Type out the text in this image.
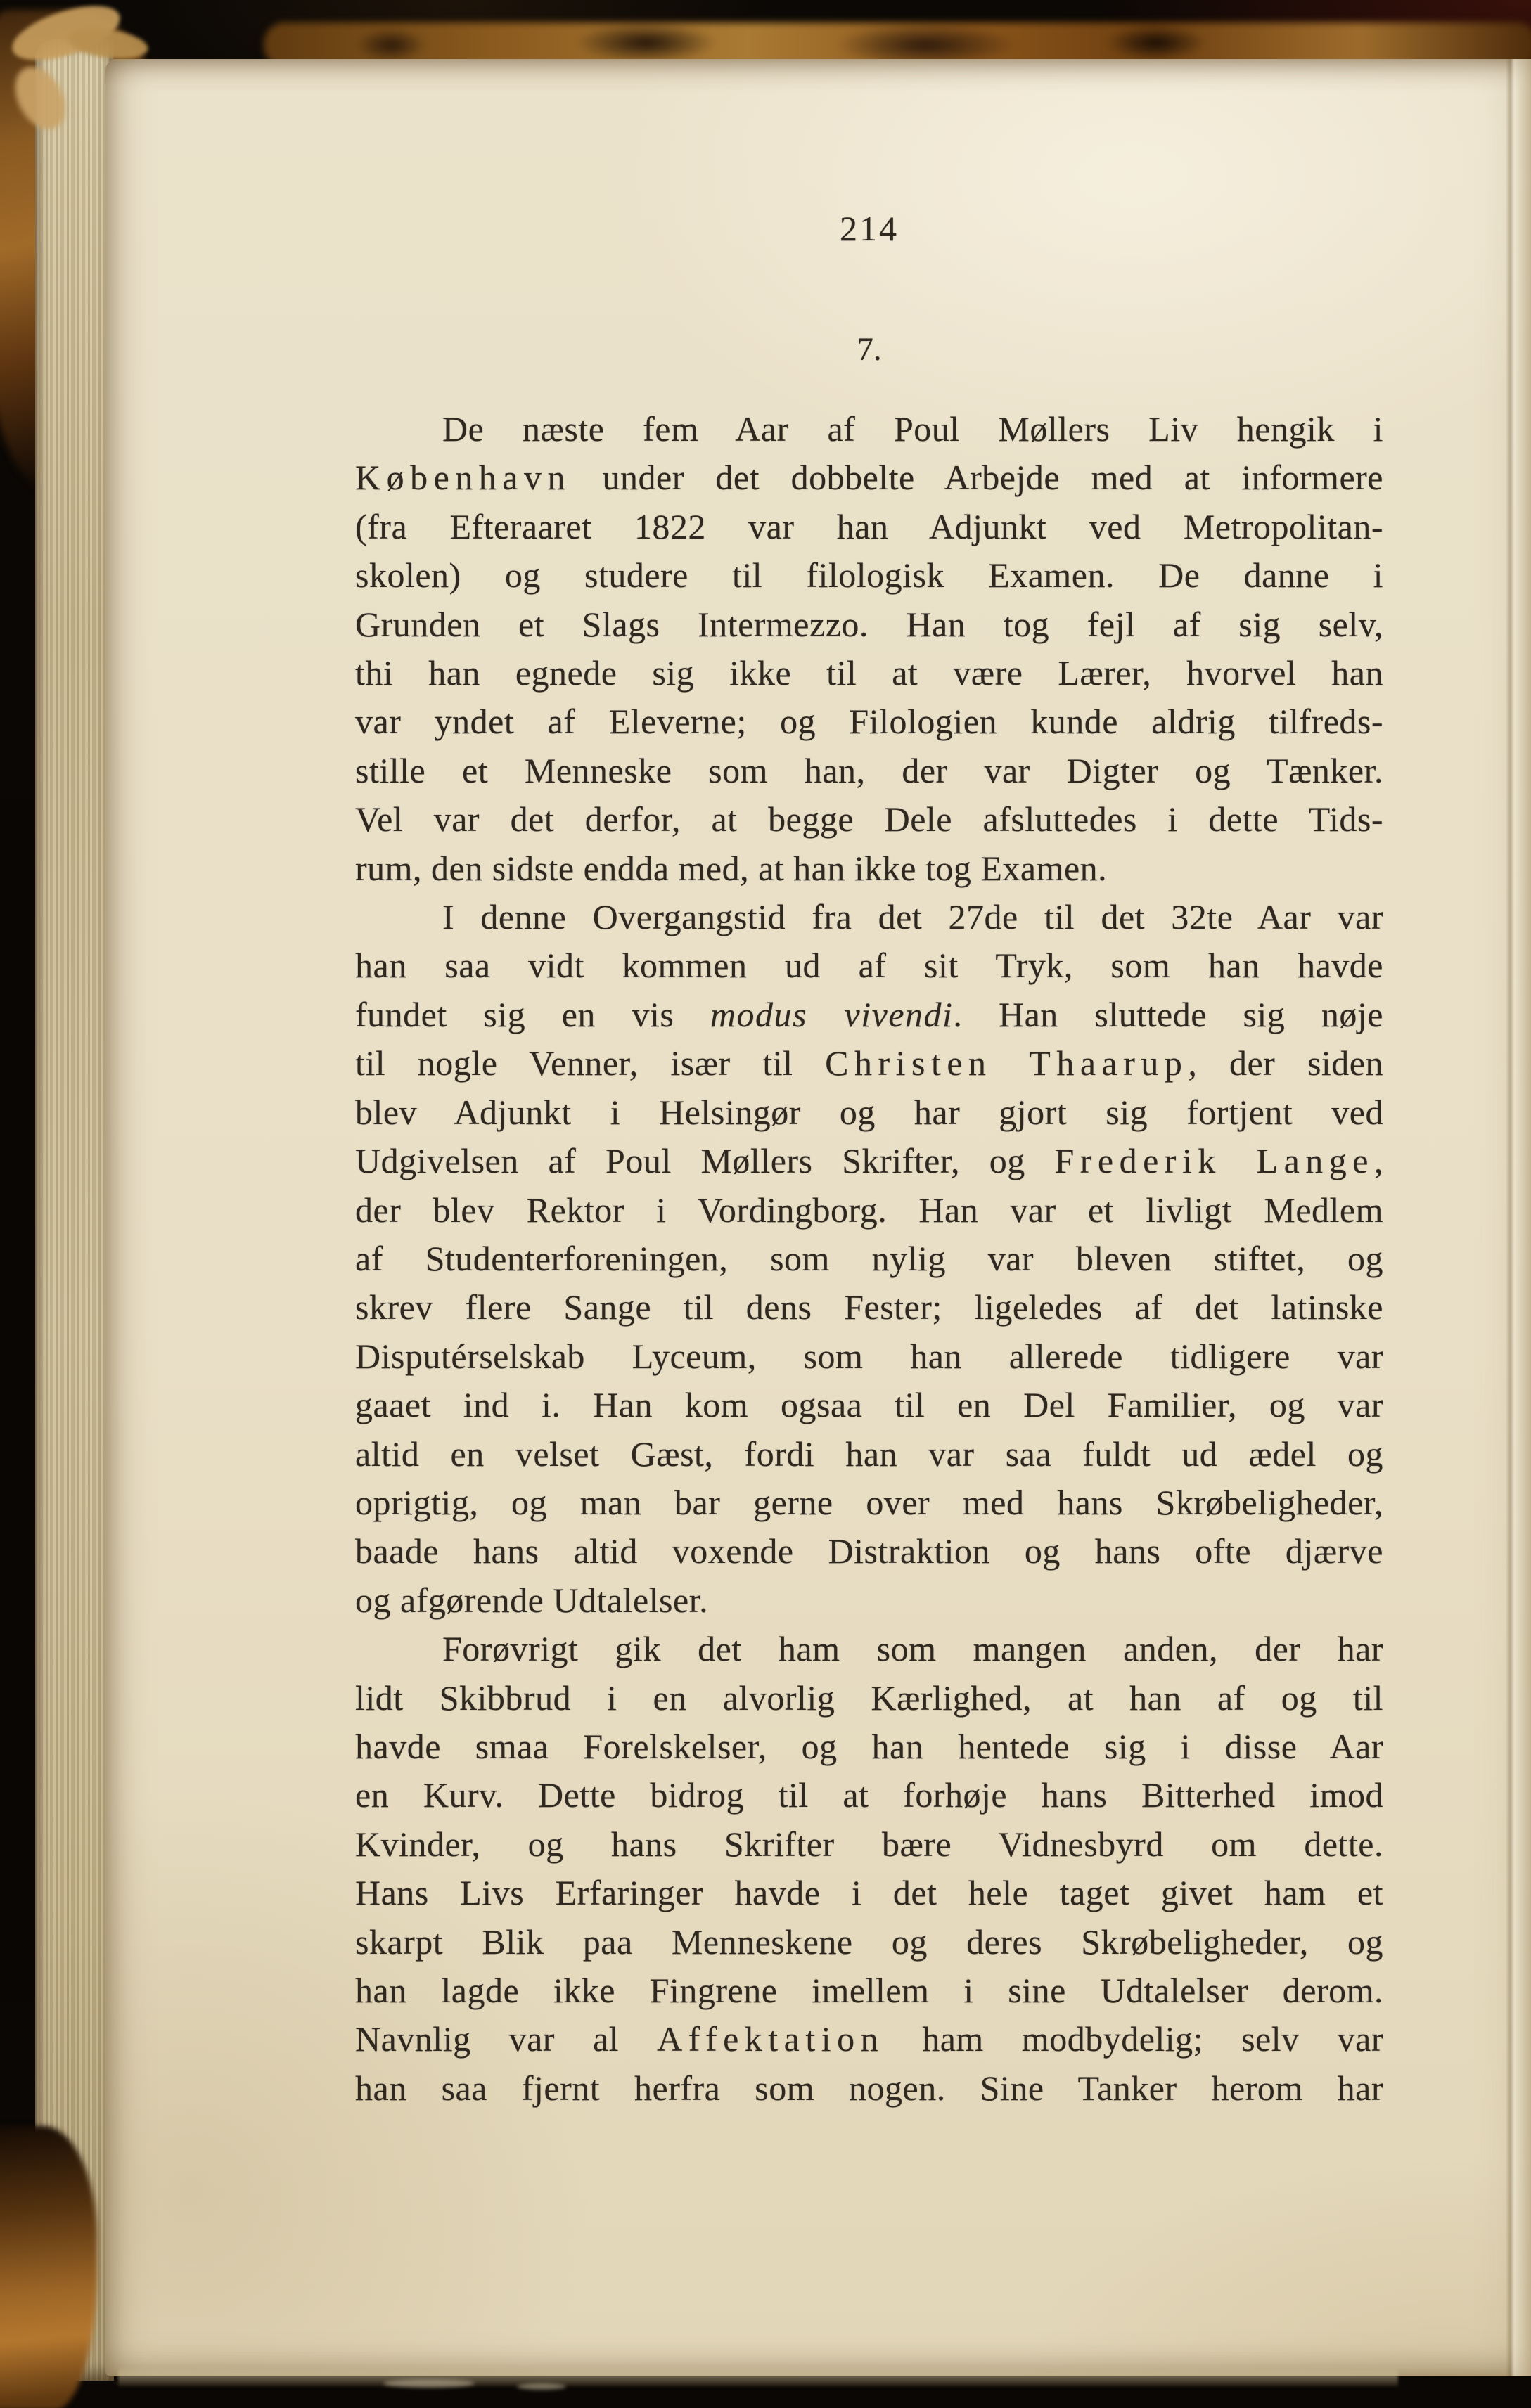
214
7.
De næste fem Aar af Poul Møllers Liv hengik i
København under det dobbelte Arbejde med at informere
(fra Efteraaret 1822 var han Adjunkt ved Metropolitan-
skolen) og studere til filologisk Examen. De danne i
Grunden et Slags Intermezzo. Han tog fejl af sig selv,
thi han egnede sig ikke til at være Lærer, hvorvel han
var yndet af Eleverne; og Filologien kunde aldrig tilfreds-
stille et Menneske som han, der var Digter og Tænker.
Vel var det derfor, at begge Dele afsluttedes i dette Tids-
rum, den sidste endda med, at han ikke tog Examen.
I denne Overgangstid fra det 27de til det 32te Aar var
han saa vidt kommen ud af sit Tryk, som han havde
fundet sig en vis modus vivendi. Han sluttede sig nøje
til nogle Venner, især til Christen Thaarup, der siden
blev Adjunkt i Helsingør og har gjort sig fortjent ved
Udgivelsen af Poul Møllers Skrifter, og Frederik Lange,
der blev Rektor i Vordingborg. Han var et livligt Medlem
af Studenterforeningen, som nylig var bleven stiftet, og
skrev flere Sange til dens Fester; ligeledes af det latinske
Disputérselskab Lyceum, som han allerede tidligere var
gaaet ind i. Han kom ogsaa til en Del Familier, og var
altid en velset Gæst, fordi han var saa fuldt ud ædel og
oprigtig, og man bar gerne over med hans Skrøbeligheder,
baade hans altid voxende Distraktion og hans ofte djærve
og afgørende Udtalelser.
Forøvrigt gik det ham som mangen anden, der har
lidt Skibbrud i en alvorlig Kærlighed, at han af og til
havde smaa Forelskelser, og han hentede sig i disse Aar
en Kurv. Dette bidrog til at forhøje hans Bitterhed imod
Kvinder, og hans Skrifter bære Vidnesbyrd om dette.
Hans Livs Erfaringer havde i det hele taget givet ham et
skarpt Blik paa Menneskene og deres Skrøbeligheder, og
han lagde ikke Fingrene imellem i sine Udtalelser derom.
Navnlig var al Affektation ham modbydelig; selv var
han saa fjernt herfra som nogen. Sine Tanker herom har
